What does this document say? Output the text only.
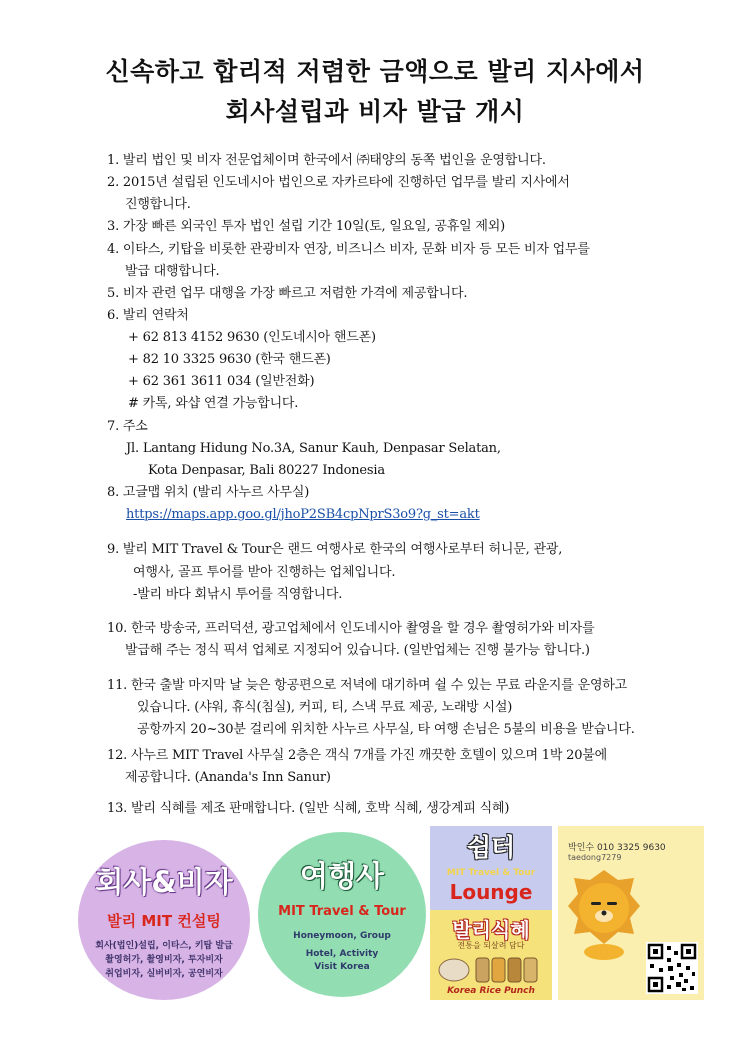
신속하고 합리적 저렴한 금액으로 발리 지사에서
회사설립과 비자 발급 개시
1. 발리 법인 및 비자 전문업체이며 한국에서 ㈜태양의 동쪽 법인을 운영합니다.
2. 2015년 설립된 인도네시아 법인으로 자카르타에 진행하던 업무를 발리 지사에서
진행합니다.
3. 가장 빠른 외국인 투자 법인 설립 기간 10일(토, 일요일, 공휴일 제외)
4. 이타스, 키탑을 비롯한 관광비자 연장, 비즈니스 비자, 문화 비자 등 모든 비자 업무를
발급 대행합니다.
5. 비자 관련 업무 대행을 가장 빠르고 저렴한 가격에 제공합니다.
6. 발리 연락처
+ 62 813 4152 9630 (인도네시아 핸드폰)
+ 82 10 3325 9630 (한국 핸드폰)
+ 62 361 3611 034 (일반전화)
# 카톡, 와샵 연결 가능합니다.
7. 주소
Jl. Lantang Hidung No.3A, Sanur Kauh, Denpasar Selatan,
Kota Denpasar, Bali 80227 Indonesia
8. 고글맵 위치 (발리 사누르 사무실)
https://maps.app.goo.gl/jhoP2SB4cpNprS3o9?g_st=akt
9. 발리 MIT Travel & Tour은 랜드 여행사로 한국의 여행사로부터 허니문, 관광,
여행사, 골프 투어를 받아 진행하는 업체입니다.
-발리 바다 회낚시 투어를 직영합니다.
10. 한국 방송국, 프러덕션, 광고업체에서 인도네시아 촬영을 할 경우 촬영허가와 비자를
발급해 주는 정식 픽셔 업체로 지정되어 있습니다. (일반업체는 진행 불가능 합니다.)
11. 한국 출발 마지막 날 늦은 항공편으로 저녁에 대기하며 쉴 수 있는 무료 라운지를 운영하고
있습니다. (샤워, 휴식(침실), 커피, 티, 스낵 무료 제공, 노래방 시설)
공항까지 20~30분 걸리에 위치한 사누르 사무실, 타 여행 손님은 5불의 비용을 받습니다.
12. 사누르 MIT Travel 사무실 2층은 객식 7개를 가진 깨끗한 호텔이 있으며 1박 20불에
제공합니다. (Ananda's Inn Sanur)
13. 발리 식혜를 제조 판매합니다. (일반 식혜, 호박 식혜, 생강계피 식혜)
회사&비자
발리 MIT 컨설팅
회사(법인)설립, 이타스, 키탑 발급
촬영허가, 촬영비자, 투자비자
취업비자, 실버비자, 공연비자
여행사
MIT Travel & Tour
Honeymoon, Group
Hotel, Activity
Visit Korea
쉼터
MIT Travel & Tour
Lounge
발리식혜
전통을 되살려 담다
Korea Rice Punch
박인수 010 3325 9630
taedong7279
